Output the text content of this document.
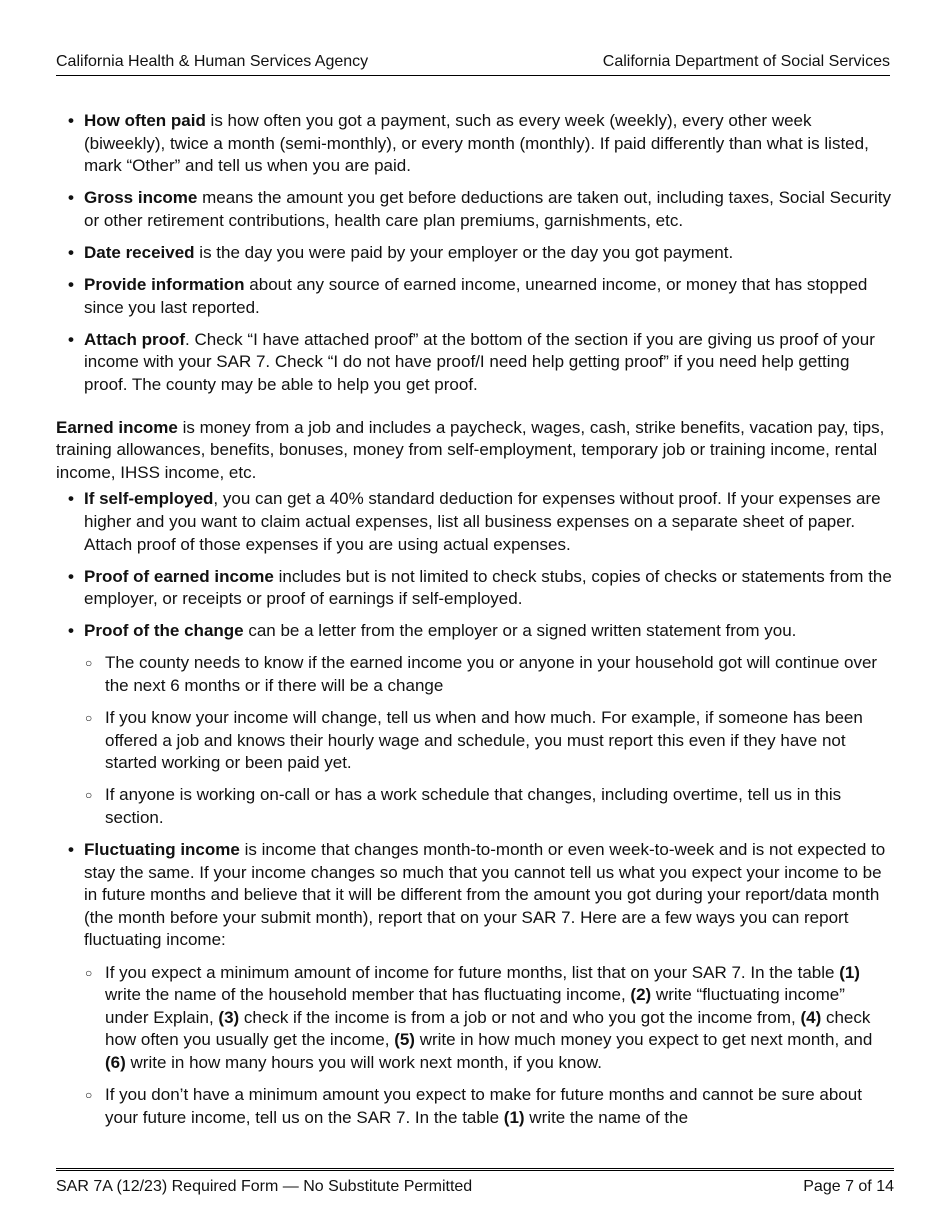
California Health & Human Services Agency	California Department of Social Services
• How often paid is how often you got a payment, such as every week (weekly), every other week (biweekly), twice a month (semi-monthly), or every month (monthly). If paid differently than what is listed, mark “Other” and tell us when you are paid.
• Gross income means the amount you get before deductions are taken out, including taxes, Social Security or other retirement contributions, health care plan premiums, garnishments, etc.
• Date received is the day you were paid by your employer or the day you got payment.
• Provide information about any source of earned income, unearned income, or money that has stopped since you last reported.
• Attach proof. Check “I have attached proof” at the bottom of the section if you are giving us proof of your income with your SAR 7. Check “I do not have proof/I need help getting proof” if you need help getting proof. The county may be able to help you get proof.

Earned income is money from a job and includes a paycheck, wages, cash, strike benefits, vacation pay, tips, training allowances, benefits, bonuses, money from self-employment, temporary job or training income, rental income, IHSS income, etc.

• If self-employed, you can get a 40% standard deduction for expenses without proof. If your expenses are higher and you want to claim actual expenses, list all business expenses on a separate sheet of paper. Attach proof of those expenses if you are using actual expenses.
• Proof of earned income includes but is not limited to check stubs, copies of checks or statements from the employer, or receipts or proof of earnings if self-employed.
• Proof of the change can be a letter from the employer or a signed written statement from you.
○ The county needs to know if the earned income you or anyone in your household got will continue over the next 6 months or if there will be a change
○ If you know your income will change, tell us when and how much. For example, if someone has been offered a job and knows their hourly wage and schedule, you must report this even if they have not started working or been paid yet.
○ If anyone is working on-call or has a work schedule that changes, including overtime, tell us in this section.
• Fluctuating income is income that changes month-to-month or even week-to-week and is not expected to stay the same. If your income changes so much that you cannot tell us what you expect your income to be in future months and believe that it will be different from the amount you got during your report/data month (the month before your submit month), report that on your SAR 7. Here are a few ways you can report fluctuating income:
○ If you expect a minimum amount of income for future months, list that on your SAR 7. In the table (1) write the name of the household member that has fluctuating income, (2) write “fluctuating income” under Explain, (3) check if the income is from a job or not and who you got the income from, (4) check how often you usually get the income, (5) write in how much money you expect to get next month, and (6) write in how many hours you will work next month, if you know.
○ If you don’t have a minimum amount you expect to make for future months and cannot be sure about your future income, tell us on the SAR 7. In the table (1) write the name of the
SAR 7A (12/23) Required Form — No Substitute Permitted	Page 7 of 14
